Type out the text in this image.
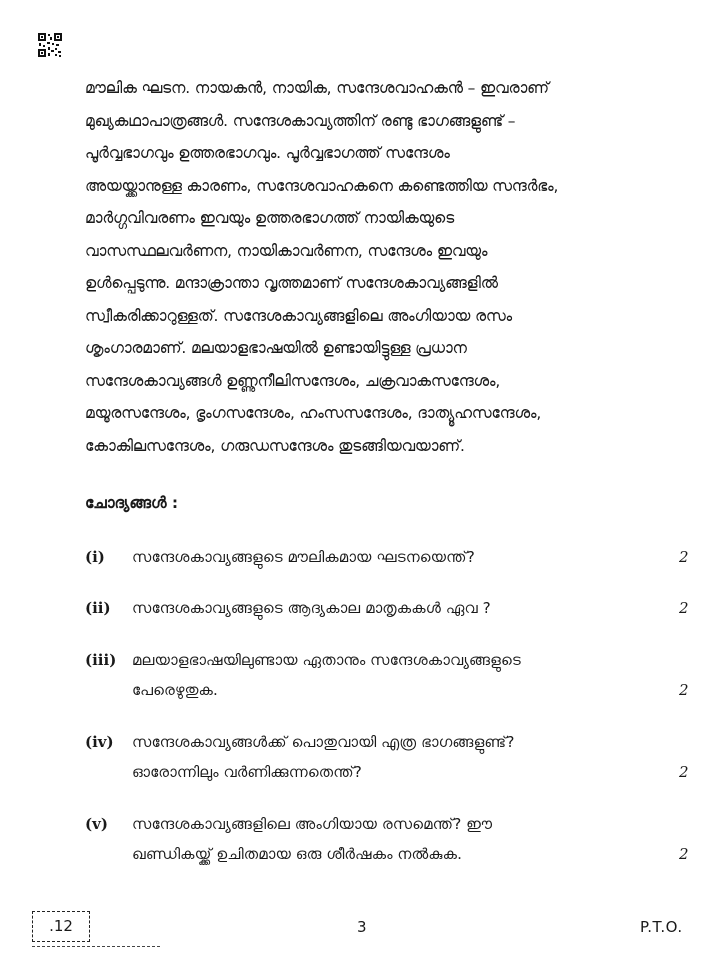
മൗലിക ഘടന. നായകൻ, നായിക, സന്ദേശവാഹകൻ – ഇവരാണ്
മുഖ്യകഥാപാത്രങ്ങൾ. സന്ദേശകാവ്യത്തിന് രണ്ടു ഭാഗങ്ങളുണ്ട് –
പൂർവ്വഭാഗവും ഉത്തരഭാഗവും. പൂർവ്വഭാഗത്ത് സന്ദേശം
അയയ്ക്കാനുള്ള കാരണം, സന്ദേശവാഹകനെ കണ്ടെത്തിയ സന്ദർഭം,
മാർഗ്ഗവിവരണം ഇവയും ഉത്തരഭാഗത്ത് നായികയുടെ
വാസസ്ഥലവർണന, നായികാവർണന, സന്ദേശം ഇവയും
ഉൾപ്പെടുന്നു. മന്ദാക്രാന്താ വൃത്തമാണ് സന്ദേശകാവ്യങ്ങളിൽ
സ്വീകരിക്കാറുള്ളത്. സന്ദേശകാവ്യങ്ങളിലെ അംഗിയായ രസം
ശൃംഗാരമാണ്. മലയാളഭാഷയിൽ ഉണ്ടായിട്ടുള്ള പ്രധാന
സന്ദേശകാവ്യങ്ങൾ ഉണ്ണുനീലിസന്ദേശം, ചക്രവാകസന്ദേശം,
മയൂരസന്ദേശം, ഭൃംഗസന്ദേശം, ഹംസസന്ദേശം, ദാത്യൂഹസന്ദേശം,
കോകിലസന്ദേശം, ഗരുഡസന്ദേശം തുടങ്ങിയവയാണ്.
ചോദ്യങ്ങൾ :
(i) സന്ദേശകാവ്യങ്ങളുടെ മൗലികമായ ഘടനയെന്ത്?	2
(ii) സന്ദേശകാവ്യങ്ങളുടെ ആദ്യകാല മാതൃകകൾ ഏവ ?	2
(iii) മലയാളഭാഷയിലുണ്ടായ ഏതാനും സന്ദേശകാവ്യങ്ങളുടെ
പേരെഴുതുക.	2
(iv) സന്ദേശകാവ്യങ്ങൾക്ക് പൊതുവായി എത്ര ഭാഗങ്ങളുണ്ട്?
ഓരോന്നിലും വർണിക്കുന്നതെന്ത്?	2
(v) സന്ദേശകാവ്യങ്ങളിലെ അംഗിയായ രസമെന്ത്? ഈ
ഖണ്ഡികയ്ക്ക് ഉചിതമായ ഒരു ശീർഷകം നൽകുക.	2
.12	3	P.T.O.
